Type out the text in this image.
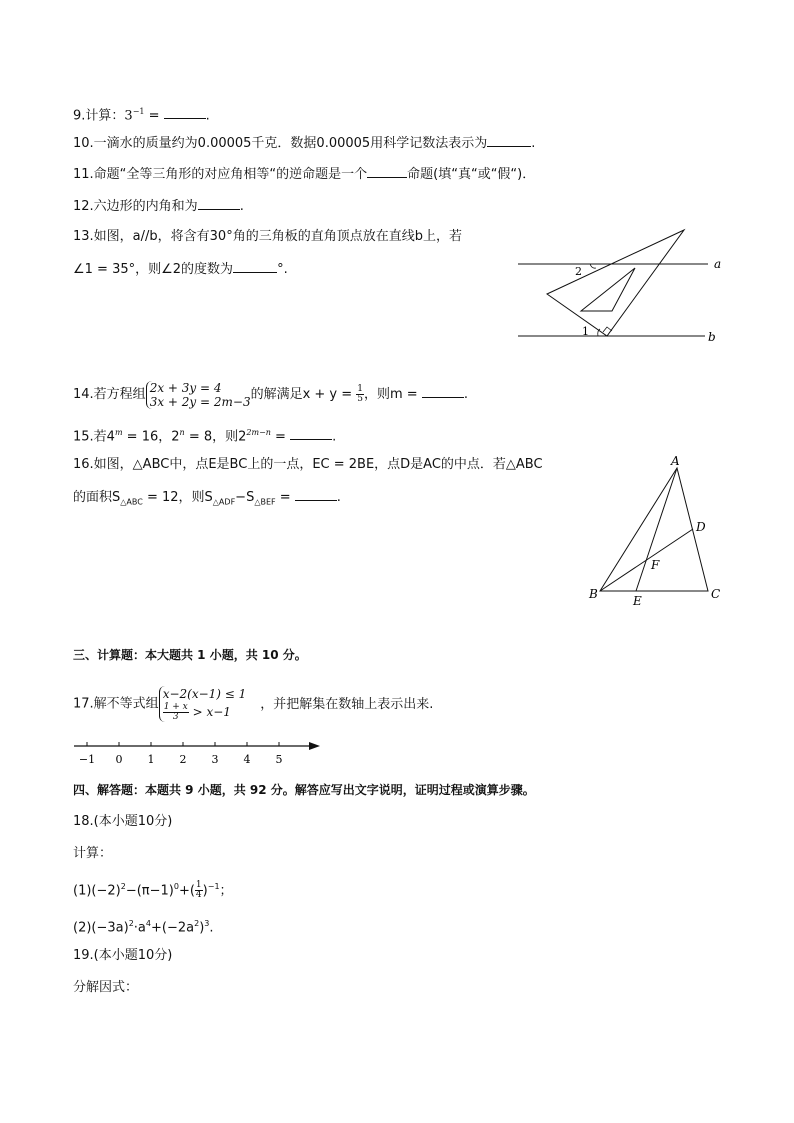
9.计算：$3^{-1}$ =	.
10.一滴水的质量约为0.00005千克．数据0.00005用科学记数法表示为	.
11.命题“全等三角形的对应角相等“的逆命题是一个	命题(填“真“或“假“)．
12.六边形的内角和为	.
13.如图，a//b，将含有30°角的三角板的直角顶点放在直线b上，若
∠1 = 35°，则∠2的度数为	°.	a
b
2
1
14.若方程组 2x + 3y = 4
3x + 2y = 2m−3的解满足$x + y = \frac{1}{5}$ ，则m =	.
15.若$4^m = 16$，$2^n = 8$，则$2^{2m-n}$ =	.
16.如图，△ABC中，点E是BC上的一点，EC = 2BE，点D是AC的中点．若△ABC
的面积$S_{\triangle ABC} = 12$，则$S_{\triangle ADF}-S_{\triangle BEF}$ =	.
A
B	C
D
E
F
三、计算题：本大题共 1 小题，共 10 分。
17.解不等式组x−2(x−1) ≤ 1

$\frac{1 + x}{3} > x-1$，并把解集在数轴上表示出来.
−1 0 1 2 3 4 5
四、解答题：本题共 9 小题，共 92 分。解答应写出文字说明，证明过程或演算步骤。
18.(本小题10分)
计算：
$(1)(-2)^2-(\pi-1)^0+( \frac{1}{4} )^{-1}$；
$(2)(-3a)^2\cdot a^4+(-2a^2)^3$.
19.(本小题10分)
分解因式：
